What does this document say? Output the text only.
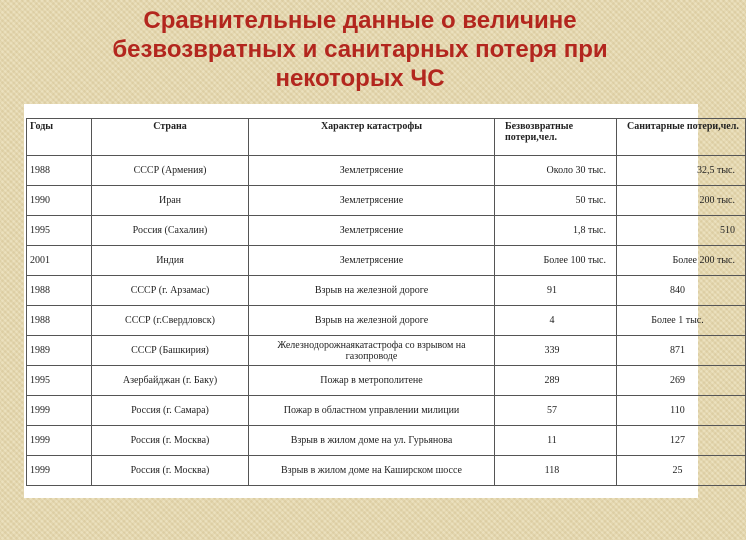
Сравнительные данные о величине
безвозвратных и санитарных потеря при
некоторых ЧС
Годы	Страна	Характер катастрофы	Безвозвратные потери,чел.	Санитарные потери,чел.
1988	СССР (Армения)	Землетрясение	Около 30 тыс.	32,5 тыс.
1990	Иран	Землетрясение	50 тыс.	200 тыс.
1995	Россия (Сахалин)	Землетрясение	1,8 тыс.	510
2001	Индия	Землетрясение	Более 100 тыс.	Более 200 тыс.
1988	СССР (г. Арзамас)	Взрыв на железной дороге	91	840
1988	СССР (г.Свердловск)	Взрыв на железной дороге	4	Более 1 тыс.
1989	СССР (Башкирия)	Железнодорожнаякатастрофа со взрывом на газопроводе	339	871
1995	Азербайджан (г. Баку)	Пожар в метрополитене	289	269
1999	Россия (г. Самара)	Пожар в областном управлении милиции	57	110
1999	Россия (г. Москва)	Взрыв в жилом доме на ул. Гурьянова	11	127
1999	Россия (г. Москва)	Взрыв в жилом доме на Каширском шоссе	118	25
